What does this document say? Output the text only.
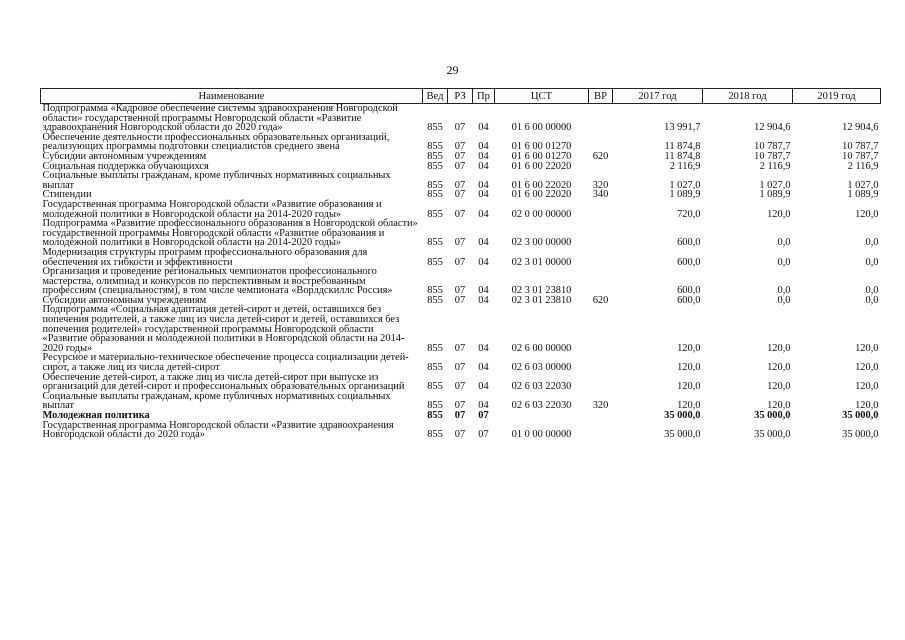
29
Наименование	Вед	РЗ	Пр	ЦСТ	ВР	2017 год	2018 год	2019 год
Подпрограмма «Кадровое обеспечение системы здравоохранения Новгородской области» государственной программы Новгородской области «Развитие здравоохранения Новгородской области до 2020 года»	855	07	04	01 6 00 00000		13 991,7	12 904,6	12 904,6
Обеспечение деятельности профессиональных образовательных организаций, реализующих программы подготовки специалистов среднего звена	855	07	04	01 6 00 01270		11 874,8	10 787,7	10 787,7
Субсидии автономным учреждениям	855	07	04	01 6 00 01270	620	11 874,8	10 787,7	10 787,7
Социальная поддержка обучающихся	855	07	04	01 6 00 22020		2 116,9	2 116,9	2 116,9
Социальные выплаты гражданам, кроме публичных нормативных социальных выплат	855	07	04	01 6 00 22020	320	1 027,0	1 027,0	1 027,0
Стипендии	855	07	04	01 6 00 22020	340	1 089,9	1 089,9	1 089,9
Государственная программа Новгородской области «Развитие образования и молодежной политики в Новгородской области на 2014-2020 годы»	855	07	04	02 0 00 00000		720,0	120,0	120,0
Подпрограмма «Развитие профессионального образования в Новгородской области» государственной программы Новгородской области «Развитие образования и молодежной политики в Новгородской области на 2014-2020 годы»	855	07	04	02 3 00 00000		600,0	0,0	0,0
Модернизация структуры программ профессионального образования для обеспечения их гибкости и эффективности	855	07	04	02 3 01 00000		600,0	0,0	0,0
Организация и проведение региональных чемпионатов профессионального мастерства, олимпиад и конкурсов по перспективным и востребованным профессиям (специальностям), в том числе чемпионата «Ворлдскиллс Россия»	855	07	04	02 3 01 23810		600,0	0,0	0,0
Субсидии автономным учреждениям	855	07	04	02 3 01 23810	620	600,0	0,0	0,0
Подпрограмма «Социальная адаптация детей-сирот и детей, оставшихся без попечения родителей, а также лиц из числа детей-сирот и детей, оставшихся без попечения родителей» государственной программы Новгородской области «Развитие образования и молодежной политики в Новгородской области на 2014-2020 годы»	855	07	04	02 6 00 00000		120,0	120,0	120,0
Ресурсное и материально-техническое обеспечение процесса социализации детей-сирот, а также лиц из числа детей-сирот	855	07	04	02 6 03 00000		120,0	120,0	120,0
Обеспечение детей-сирот, а также лиц из числа детей-сирот при выпуске из организаций для детей-сирот и профессиональных образовательных организаций	855	07	04	02 6 03 22030		120,0	120,0	120,0
Социальные выплаты гражданам, кроме публичных нормативных социальных выплат	855	07	04	02 6 03 22030	320	120,0	120,0	120,0
Молодежная политика	855	07	07			35 000,0	35 000,0	35 000,0
Государственная программа Новгородской области «Развитие здравоохранения Новгородской области до 2020 года»	855	07	07	01 0 00 00000		35 000,0	35 000,0	35 000,0
